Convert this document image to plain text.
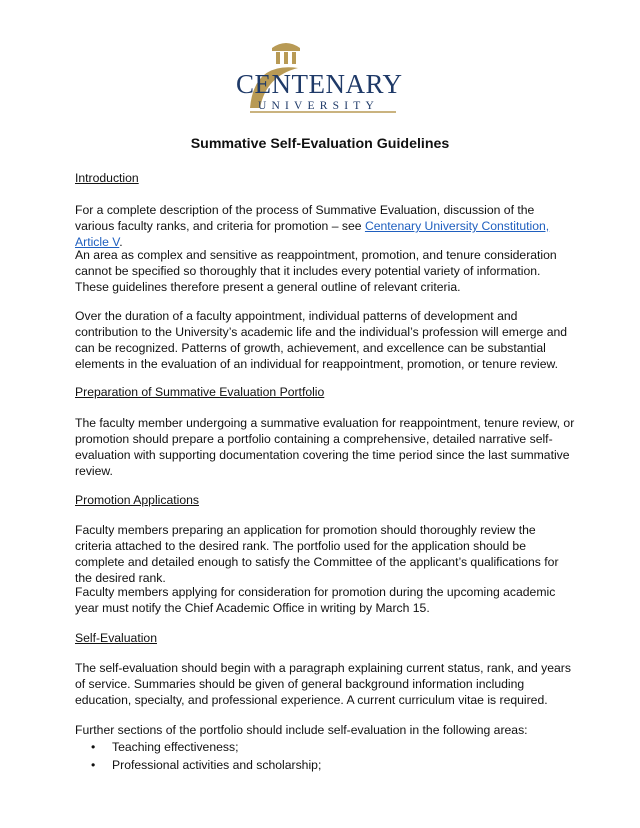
CENTENARY
UNIVERSITY
Summative Self-Evaluation Guidelines
Introduction

For a complete description of the process of Summative Evaluation, discussion of the various faculty ranks, and criteria for promotion – see Centenary University Constitution, Article V.

An area as complex and sensitive as reappointment, promotion, and tenure consideration cannot be specified so thoroughly that it includes every potential variety of information. These guidelines therefore present a general outline of relevant criteria.

Over the duration of a faculty appointment, individual patterns of development and contribution to the University’s academic life and the individual’s profession will emerge and can be recognized. Patterns of growth, achievement, and excellence can be substantial elements in the evaluation of an individual for reappointment, promotion, or tenure review.

Preparation of Summative Evaluation Portfolio

The faculty member undergoing a summative evaluation for reappointment, tenure review, or promotion should prepare a portfolio containing a comprehensive, detailed narrative self-evaluation with supporting documentation covering the time period since the last summative review.

Promotion Applications

Faculty members preparing an application for promotion should thoroughly review the criteria attached to the desired rank. The portfolio used for the application should be complete and detailed enough to satisfy the Committee of the applicant’s qualifications for the desired rank.

Faculty members applying for consideration for promotion during the upcoming academic year must notify the Chief Academic Office in writing by March 15.

Self-Evaluation

The self-evaluation should begin with a paragraph explaining current status, rank, and years of service. Summaries should be given of general background information including education, specialty, and professional experience. A current curriculum vitae is required.

Further sections of the portfolio should include self-evaluation in the following areas:

• Teaching effectiveness;
• Professional activities and scholarship;
